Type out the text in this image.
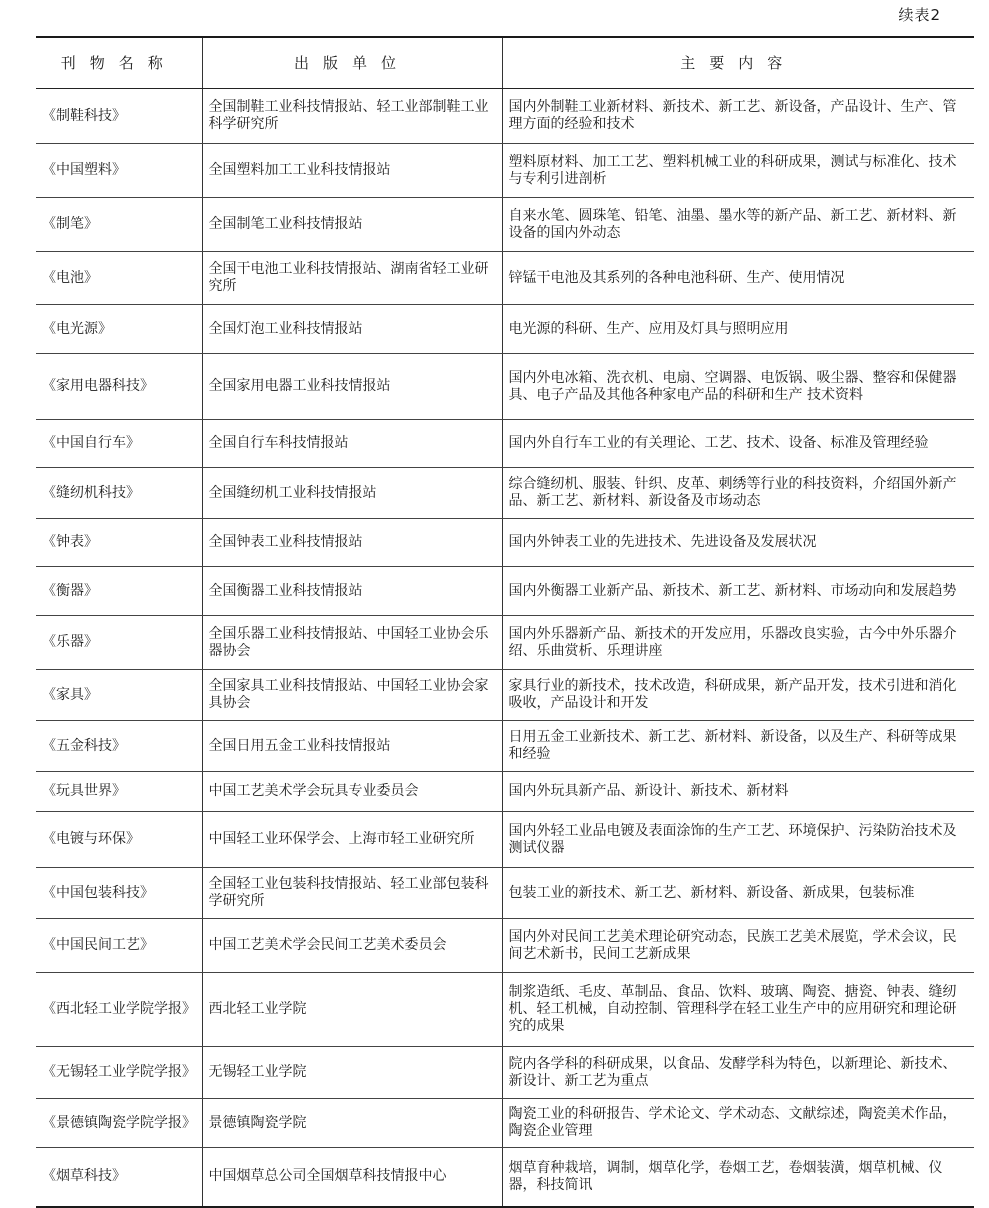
续表2
刊物名称	出版单位	主要内容
《制鞋科技》	全国制鞋工业科技情报站、轻工业部制鞋工业科学研究所	国内外制鞋工业新材料、新技术、新工艺、新设备，产品设计、生产、管理方面的经验和技术
《中国塑料》	全国塑料加工工业科技情报站	塑料原材料、加工工艺、塑料机械工业的科研成果，测试与标准化、技术与专利引进剖析
《制笔》	全国制笔工业科技情报站	自来水笔、圆珠笔、铅笔、油墨、墨水等的新产品、新工艺、新材料、新设备的国内外动态
《电池》	全国干电池工业科技情报站、湖南省轻工业研究所	锌锰干电池及其系列的各种电池科研、生产、使用情况
《电光源》	全国灯泡工业科技情报站	电光源的科研、生产、应用及灯具与照明应用
《家用电器科技》	全国家用电器工业科技情报站	国内外电冰箱、洗衣机、电扇、空调器、电饭锅、吸尘器、整容和保健器具、电子产品及其他各种家电产品的科研和生产 技术资料
《中国自行车》	全国自行车科技情报站	国内外自行车工业的有关理论、工艺、技术、设备、标准及管理经验
《缝纫机科技》	全国缝纫机工业科技情报站	综合缝纫机、服装、针织、皮革、刺绣等行业的科技资料，介绍国外新产品、新工艺、新材料、新设备及市场动态
《钟表》	全国钟表工业科技情报站	国内外钟表工业的先进技术、先进设备及发展状况
《衡器》	全国衡器工业科技情报站	国内外衡器工业新产品、新技术、新工艺、新材料、市场动向和发展趋势
《乐器》	全国乐器工业科技情报站、中国轻工业协会乐器协会	国内外乐器新产品、新技术的开发应用，乐器改良实验，古今中外乐器介绍、乐曲赏析、乐理讲座
《家具》	全国家具工业科技情报站、中国轻工业协会家具协会	家具行业的新技术，技术改造，科研成果，新产品开发，技术引进和消化吸收，产品设计和开发
《五金科技》	全国日用五金工业科技情报站	日用五金工业新技术、新工艺、新材料、新设备，以及生产、科研等成果和经验
《玩具世界》	中国工艺美术学会玩具专业委员会	国内外玩具新产品、新设计、新技术、新材料
《电镀与环保》	中国轻工业环保学会、上海市轻工业研究所	国内外轻工业品电镀及表面涂饰的生产工艺、环境保护、污染防治技术及测试仪器
《中国包装科技》	全国轻工业包装科技情报站、轻工业部包装科学研究所	包装工业的新技术、新工艺、新材料、新设备、新成果，包装标准
《中国民间工艺》	中国工艺美术学会民间工艺美术委员会	国内外对民间工艺美术理论研究动态，民族工艺美术展览，学术会议，民间艺术新书，民间工艺新成果
《西北轻工业学院学报》	西北轻工业学院	制浆造纸、毛皮、革制品、食品、饮料、玻璃、陶瓷、搪瓷、钟表、缝纫机、轻工机械，自动控制、管理科学在轻工业生产中的应用研究和理论研究的成果
《无锡轻工业学院学报》	无锡轻工业学院	院内各学科的科研成果，以食品、发酵学科为特色，以新理论、新技术、新设计、新工艺为重点
《景德镇陶瓷学院学报》	景德镇陶瓷学院	陶瓷工业的科研报告、学术论文、学术动态、文献综述，陶瓷美术作品，陶瓷企业管理
《烟草科技》	中国烟草总公司全国烟草科技情报中心	烟草育种栽培，调制，烟草化学，卷烟工艺，卷烟装潢，烟草机械、仪器，科技简讯
